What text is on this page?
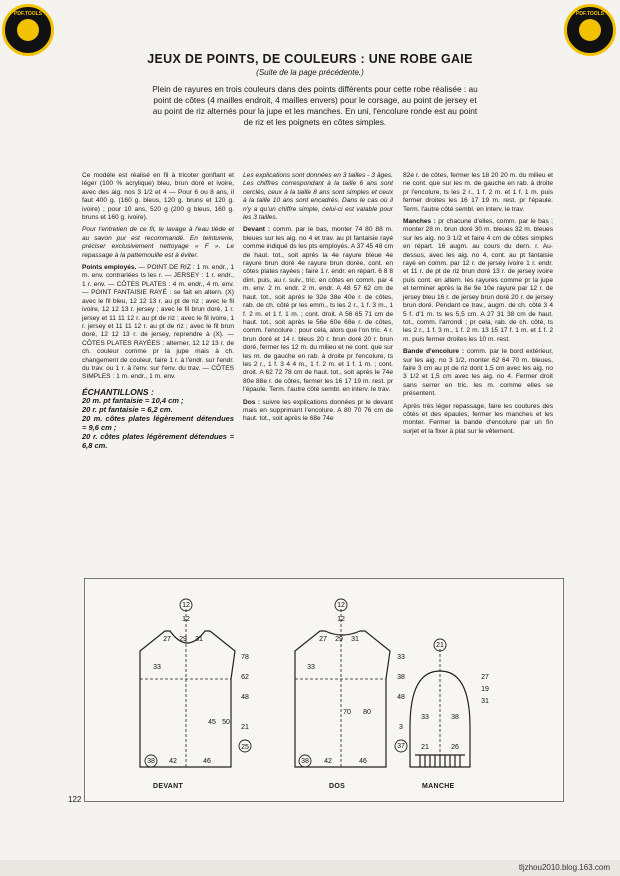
PDF.TOOLS	PDF.TOOLS
JEUX DE POINTS, DE COULEURS : UNE ROBE GAIE
(Suite de la page précédente.)
Plein de rayures en trois couleurs dans des points différents pour cette robe réalisée : au point de côtes (4 mailles endroit, 4 mailles envers) pour le corsage, au point de jersey et au point de riz alternés pour la jupe et les manches. En uni, l'encolure ronde est au point de riz et les poignets en côtes simples.

Ce modèle est réalisé en fil à tricoter gonflant et léger (100 % acrylique) bleu, brun doré et ivoire, avec des aig. nos 3 1/2 et 4 — Pour 6 ou 8 ans, il faut 400 g. (160 g. bleus, 120 g. bruns et 120 g. ivoire) ; pour 10 ans, 520 g (200 g bleus, 160 g. bruns et 160 g. ivoire).

Pour l'entretien de ce fil, le lavage à l'eau tiède et au savon pur est recommandé. En teinturerie, préciser exclusivement nettoyage « F ». Le repassage à la pattemouille est à éviter.

Points employés. — POINT DE RIZ : 1 m. endr., 1 m. env. contrariées ts les r. — JERSEY : 1 r. endr., 1 r. env. — CÔTES PLATES : 4 m. endr., 4 m. env. — POINT FANTAISIE RAYÉ : se fait en altern. (X) avec le fil bleu, 12 12 13 r. au pt de riz ; avec le fil ivoire, 12 12 13 r. jersey ; avec le fil brun doré, 1 r. jersey et 11 11 12 r. au pt de riz ; avec le fil ivoire, 1 r. jersey et 11 11 12 r. au pt de riz ; avec le fil brun doré, 12 12 13 r. de jersey, reprendre à (X). — CÔTES PLATES RAYÉES : alterner, 12 12 13 r. de ch. couleur comme pr la jupe mais à ch. changement de couleur, faire 1 r. à l'endr. sur l'endr. du trav. ou 1 r. à l'env. sur l'env. du trav. — CÔTES SIMPLES : 1 m. endr., 1 m. env.

ÉCHANTILLONS :
20 m. pt fantaisie = 10,4 cm ;
20 r. pt fantaisie = 6,2 cm.
20 m. côtes plates légèrement détendues = 9,6 cm ;
20 r. côtes plates légèrement détendues = 6,8 cm.

Les explications sont données en 3 tailles - 3 âges. Les chiffres correspondant à la taille 6 ans sont cerclés, ceux à la taille 8 ans sont simples et ceux à la taille 10 ans sont encadrés. Dans le cas où il n'y a qu'un chiffre simple, celui-ci est valable pour les 3 tailles.

Devant : comm. par le bas, monter 74 80 88 m. bleues sur les aig. no 4 et trav. au pt fantaisie rayé comme indiqué ds les pts employés. A 37 45 48 cm de haut. tot., soit après la 4e rayure bleue 4e rayure brun doré 4e rayure brun dorée, cont. en côtes plates rayées ; faire 1 r. endr. en répart. 6 8 8 dim. puis, au r. suiv., tric. en côtes en comm. par 4 m. env. 2 m. endr. 2 m. endr. A 48 57 62 cm de haut. tot., soit après le 32e 38e 40e r. de côtes, rab. de ch. côté pr les emm., ts les 2 r., 1 f. 3 m., 1 f. 2 m. et 1 f. 1 m. ; cont. droit. A 56 65 71 cm de haut. tot., soit après le 56e 60e 68e r. de côtes, comm. l'encolure : pour cela, alors que l'on tric. 4 r. brun doré et 14 r. bleus 20 r. brun doré 20 r. brun doré, fermer les 12 m. du milieu et ne cont. que sur les m. de gauche en rab. à droite pr l'encolure, ts les 2 r., 1 f. 3 4 4 m., 1 f. 2 m. et 1 f. 1 m. ; cont. droit. A 62 72 78 cm de haut. tot., soit après le 74e 80e 88e r. de côtes, fermer les 16 17 19 m. rest. pr l'épaule. Term. l'autre côté sembl. en interv. le trav.

Dos : suivre les explications données pr le devant mais en supprimant l'encolure. A 80 70 76 cm de haut. tot., soit après le 68e 74e

82e r. de côtes, fermer les 18 20 20 m. du milieu et ne cont. que sur les m. de gauche en rab. à droite pr l'encolure, ts les 2 r., 1 f. 2 m. et 1 f. 1 m. puis fermer droites les 16 17 19 m. rest. pr l'épaule. Term. l'autre côté sembl. en interv. le trav.

Manches : pr chacune d'elles, comm. par le bas ; monter 28 m. brun doré 30 m. bleues 32 m. bleues sur les aig. no 3 1/2 et faire 4 cm de côtes simples en répart. 16 augm. au cours du dern. r. Au-dessus, avec les aig. no 4, cont. au pt fantaisie rayé en comm. par 12 r. de jersey ivoire 1 r. endr. et 11 r. de pt de riz brun doré 13 r. de jersey ivoire puis cont. en altern. les rayures comme pr la jupe et terminer après la 8e 9e 10e rayure par 12 r. de jersey bleu 16 r. de jersey brun doré 20 r. de jersey brun doré. Pendant ce trav., augm. de ch. côté 3 4 5 f. d'1 m. ts les 5,5 cm. A 27 31 38 cm de haut. tot., comm. l'arrondi ; pr cela, rab. de ch. côté, ts les 2 r., 1 f. 3 m., 1 f. 2 m. 13 15 17 f. 1 m. et 1 f. 2 m. puis fermer droites les 10 m. rest.

Bande d'encolure : comm. par le bord extérieur, sur les aig. no 3 1/2, monter 62 64 70 m. bleues, faire 3 cm au pt de riz dont 1,5 cm avec les aig. no 3 1/2 et 1,5 cm avec les aig. no 4. Fermer droit sans serrer en tric. les m. comme elles se présentent.

Après très léger repassage, faire les coutures des côtés et des épaules, fermer les manches et les monter. Fermer la bande d'encolure par un fin surjet et la fixer à plat sur le vêtement.

12
12
27 29 31
33
45 50
38 42	46
48
62
78
21
25
12
12
27 29 31
33
70 80
38 42	46
48
38
33
3
37
21
27
19
31
33	38
21	26
DEVANT	DOS	MANCHE
122
tljzhou2010.blog.163.com
